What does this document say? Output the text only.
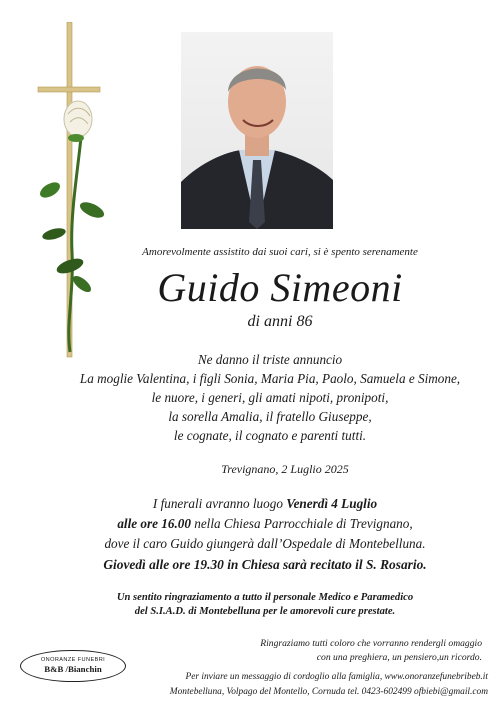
Amorevolmente assistito dai suoi cari, si è spento serenamente
Guido Simeoni
di anni 86
Ne danno il triste annuncio
La moglie Valentina, i figli Sonia, Maria Pia, Paolo, Samuela e Simone,
le nuore, i generi, gli amati nipoti, pronipoti,
la sorella Amalia, il fratello Giuseppe,
le cognate, il cognato e parenti tutti.
Trevignano, 2 Luglio 2025
I funerali avranno luogo Venerdì 4 Luglio
alle ore 16.00 nella Chiesa Parrocchiale di Trevignano,
dove il caro Guido giungerà dall’Ospedale di Montebelluna.
Giovedì alle ore 19.30 in Chiesa sarà recitato il S. Rosario.
Un sentito ringraziamento a tutto il personale Medico e Paramedico
del S.I.A.D. di Montebelluna per le amorevoli cure prestate.
Ringraziamo tutti coloro che vorranno rendergli omaggio
con una preghiera, un pensiero,un ricordo.
ONORANZE FUNEBRI
B&B /Bianchin
Per inviare un messaggio di cordoglio alla famiglia, www.onoranzefunebribeb.it
Montebelluna, Volpago del Montello, Cornuda tel. 0423-602499 ofbiebi@gmail.com
